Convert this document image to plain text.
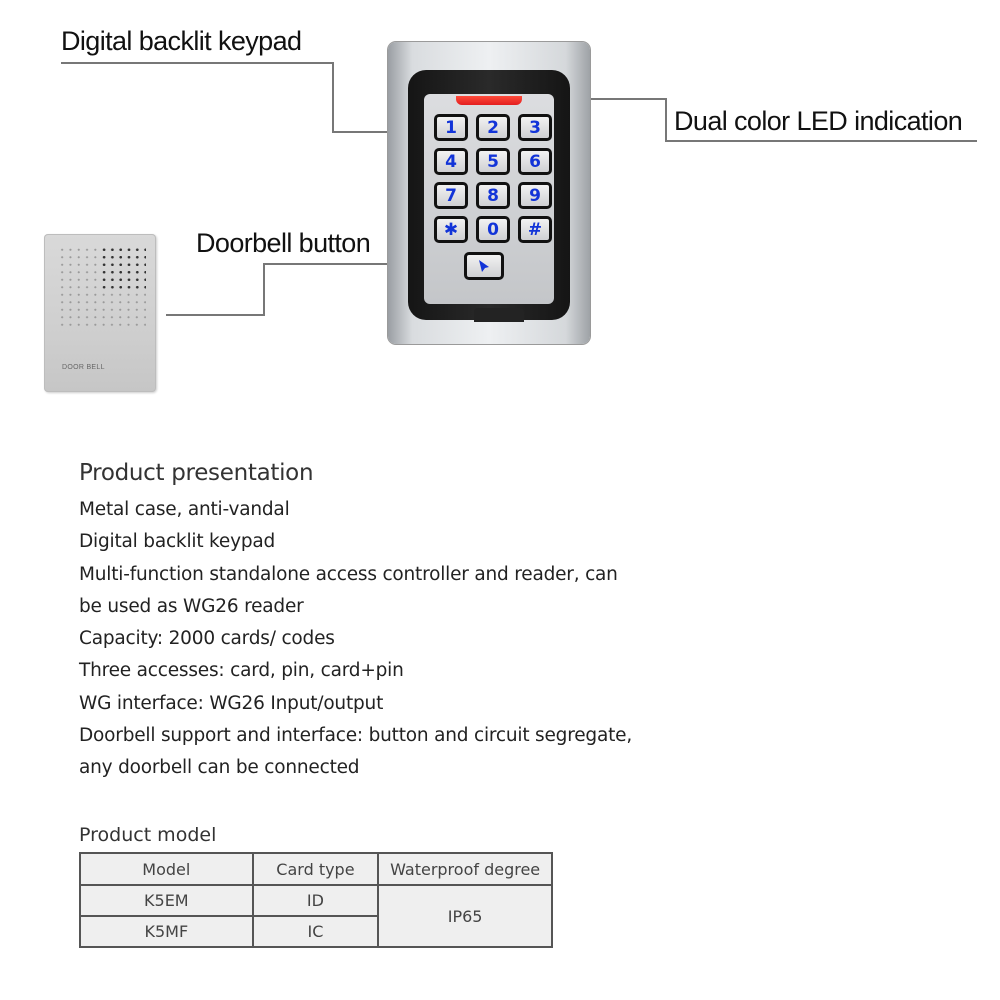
Digital backlit keypad
Dual color LED indication
Doorbell button
DOOR BELL
1	2	3
4	5	6
7	8	9
✱	0	#
Product presentation
Metal case, anti-vandal
Digital backlit keypad
Multi-function standalone access controller and reader, can
be used as WG26 reader
Capacity: 2000 cards/ codes
Three accesses: card, pin, card+pin
WG interface: WG26 Input/output
Doorbell support and interface: button and circuit segregate,
any doorbell can be connected
Product model
Model	Card type	Waterproof degree
K5EM	ID	IP65
K5MF	IC	
